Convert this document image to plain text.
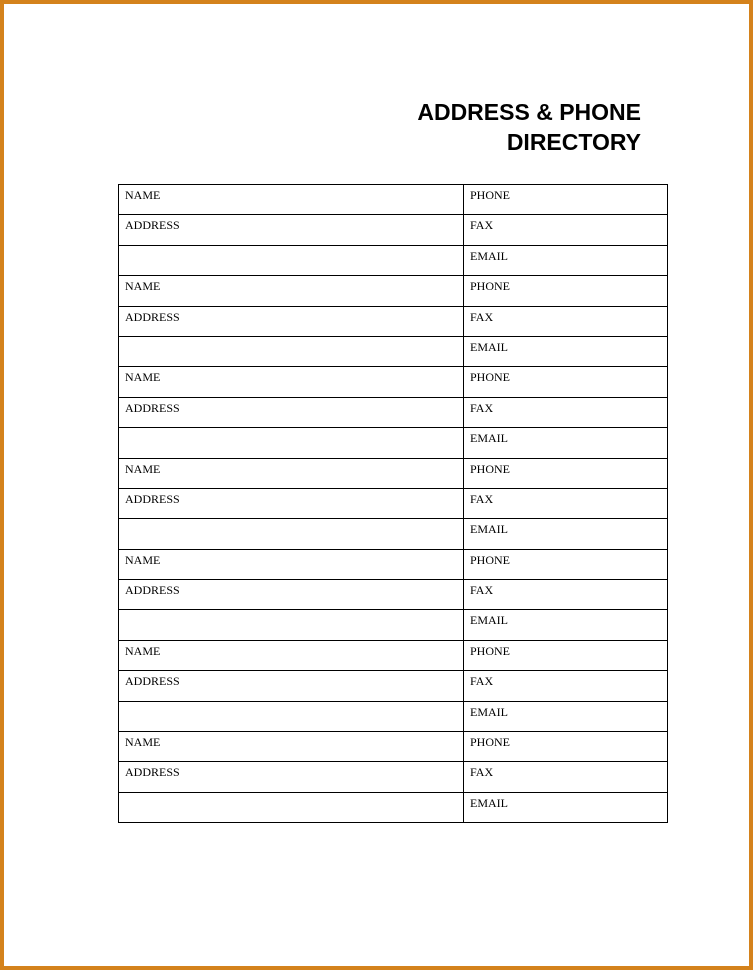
ADDRESS & PHONE
DIRECTORY
NAME	PHONE
ADDRESS	FAX
	EMAIL
NAME	PHONE
ADDRESS	FAX
	EMAIL
NAME	PHONE
ADDRESS	FAX
	EMAIL
NAME	PHONE
ADDRESS	FAX
	EMAIL
NAME	PHONE
ADDRESS	FAX
	EMAIL
NAME	PHONE
ADDRESS	FAX
	EMAIL
NAME	PHONE
ADDRESS	FAX
	EMAIL
